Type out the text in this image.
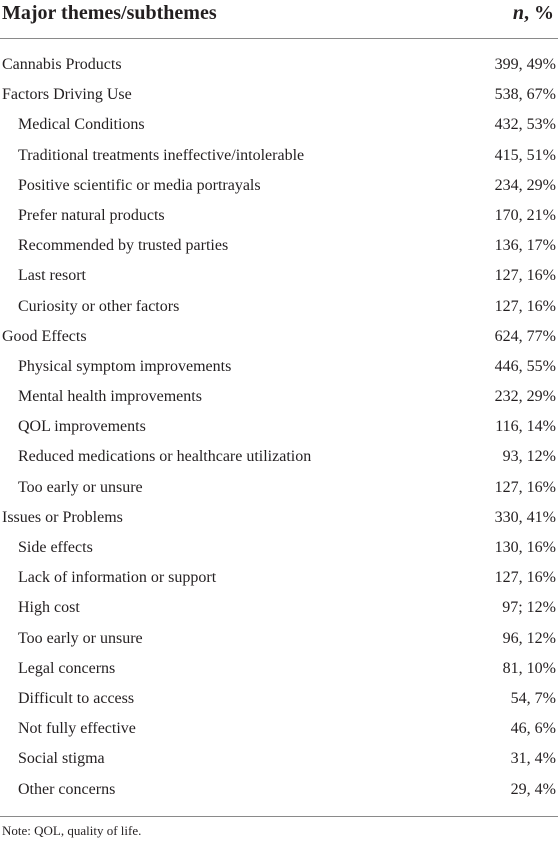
Major themes/subthemes	n, %
Cannabis Products	399, 49%
Factors Driving Use	538, 67%
Medical Conditions	432, 53%
Traditional treatments ineffective/intolerable	415, 51%
Positive scientific or media portrayals	234, 29%
Prefer natural products	170, 21%
Recommended by trusted parties	136, 17%
Last resort	127, 16%
Curiosity or other factors	127, 16%
Good Effects	624, 77%
Physical symptom improvements	446, 55%
Mental health improvements	232, 29%
QOL improvements	116, 14%
Reduced medications or healthcare utilization	93, 12%
Too early or unsure	127, 16%
Issues or Problems	330, 41%
Side effects	130, 16%
Lack of information or support	127, 16%
High cost	97; 12%
Too early or unsure	96, 12%
Legal concerns	81, 10%
Difficult to access	54, 7%
Not fully effective	46, 6%
Social stigma	31, 4%
Other concerns	29, 4%
Note: QOL, quality of life.
